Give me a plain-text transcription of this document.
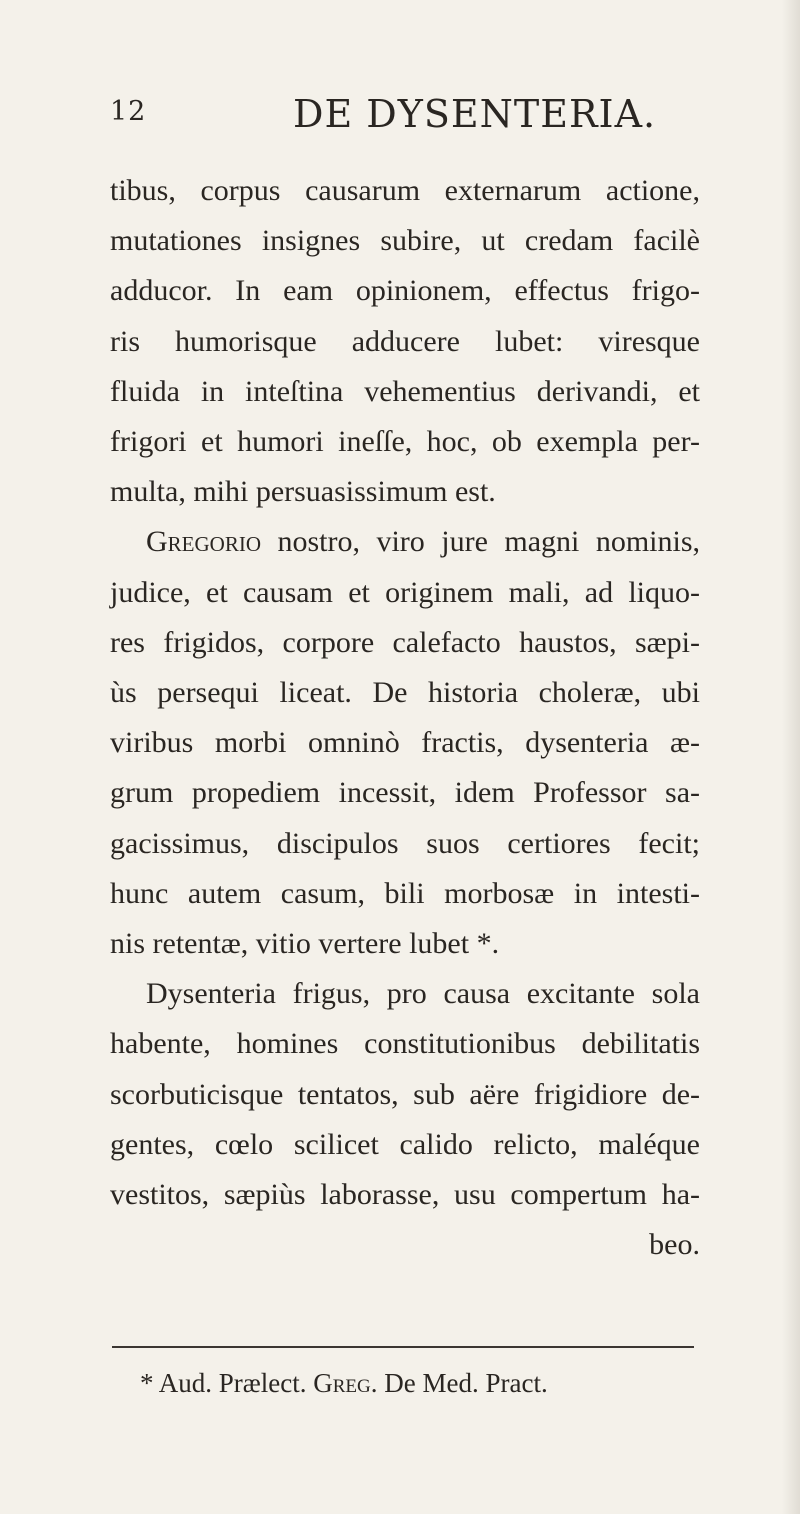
12	DE DYSENTERIA.
tibus, corpus causarum externarum actione,
mutationes insignes subire, ut credam facilè
adducor. In eam opinionem, effectus frigo-
ris humorisque adducere lubet: viresque
fluida in inteſtina vehementius derivandi, et
frigori et humori ineſſe, hoc, ob exempla per-
multa, mihi persuasissimum est.
Gregorio nostro, viro jure magni nominis,
judice, et causam et originem mali, ad liquo-
res frigidos, corpore calefacto haustos, sæpi-
ùs persequi liceat. De historia choleræ, ubi
viribus morbi omninò fractis, dysenteria æ-
grum propediem incessit, idem Professor sa-
gacissimus, discipulos suos certiores fecit;
hunc autem casum, bili morbosæ in intesti-
nis retentæ, vitio vertere lubet *.
Dysenteria frigus, pro causa excitante sola
habente, homines constitutionibus debilitatis
scorbuticisque tentatos, sub aëre frigidiore de-
gentes, cœlo scilicet calido relicto, maléque
vestitos, sæpiùs laborasse, usu compertum ha-
beo.
* Aud. Prælect. Greg. De Med. Pract.
